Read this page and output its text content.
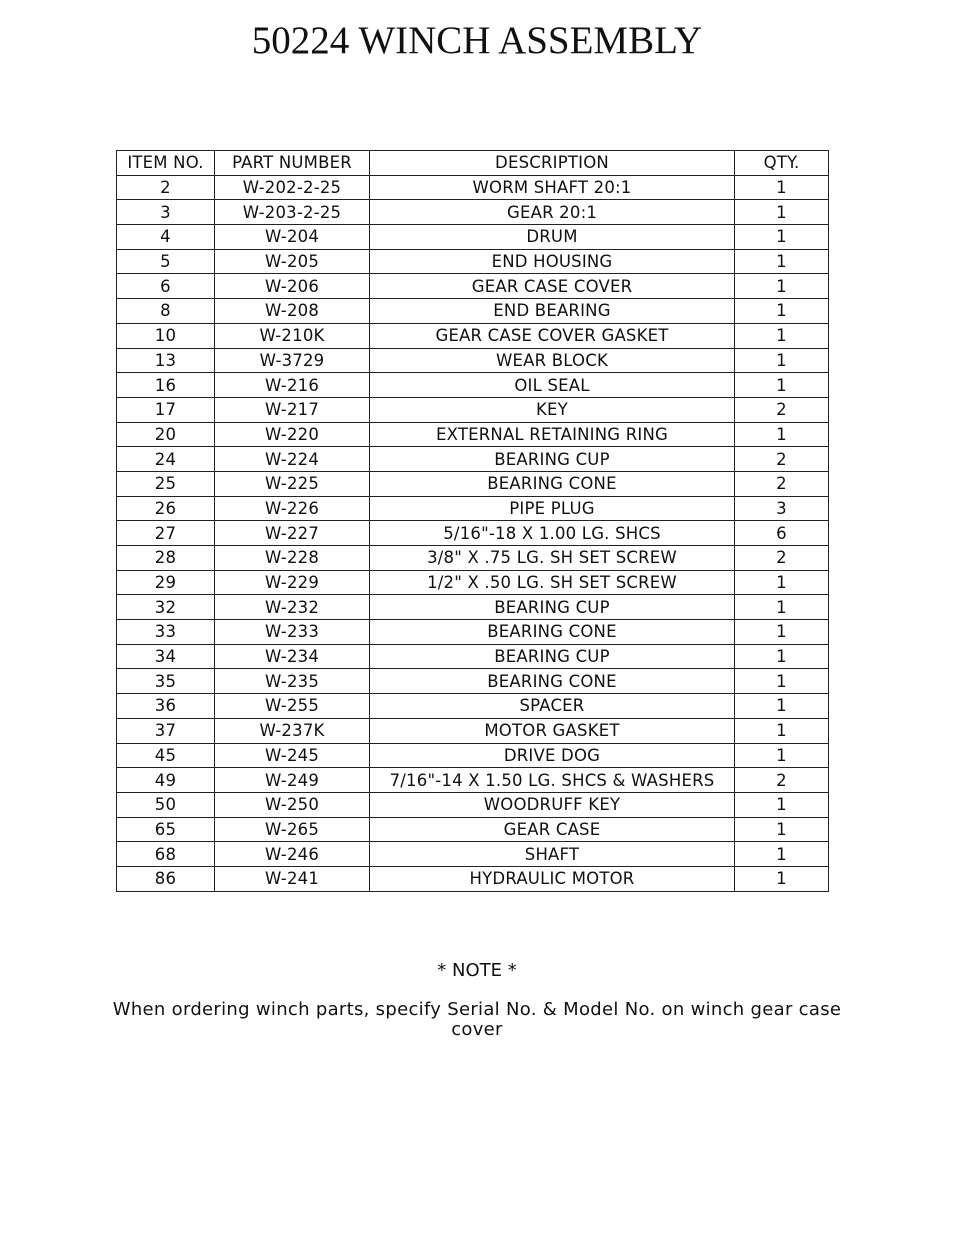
50224 WINCH ASSEMBLY
ITEM NO.	PART NUMBER	DESCRIPTION	QTY.
2	W-202-2-25	WORM SHAFT 20:1	1
3	W-203-2-25	GEAR 20:1	1
4	W-204	DRUM	1
5	W-205	END HOUSING	1
6	W-206	GEAR CASE COVER	1
8	W-208	END BEARING	1
10	W-210K	GEAR CASE COVER GASKET	1
13	W-3729	WEAR BLOCK	1
16	W-216	OIL SEAL	1
17	W-217	KEY	2
20	W-220	EXTERNAL RETAINING RING	1
24	W-224	BEARING CUP	2
25	W-225	BEARING CONE	2
26	W-226	PIPE PLUG	3
27	W-227	5/16"-18 X 1.00 LG. SHCS	6
28	W-228	3/8" X .75 LG. SH SET SCREW	2
29	W-229	1/2" X .50 LG. SH SET SCREW	1
32	W-232	BEARING CUP	1
33	W-233	BEARING CONE	1
34	W-234	BEARING CUP	1
35	W-235	BEARING CONE	1
36	W-255	SPACER	1
37	W-237K	MOTOR GASKET	1
45	W-245	DRIVE DOG	1
49	W-249	7/16"-14 X 1.50 LG. SHCS & WASHERS	2
50	W-250	WOODRUFF KEY	1
65	W-265	GEAR CASE	1
68	W-246	SHAFT	1
86	W-241	HYDRAULIC MOTOR	1
* NOTE *
When ordering winch parts, specify Serial No. & Model No. on winch gear case cover
